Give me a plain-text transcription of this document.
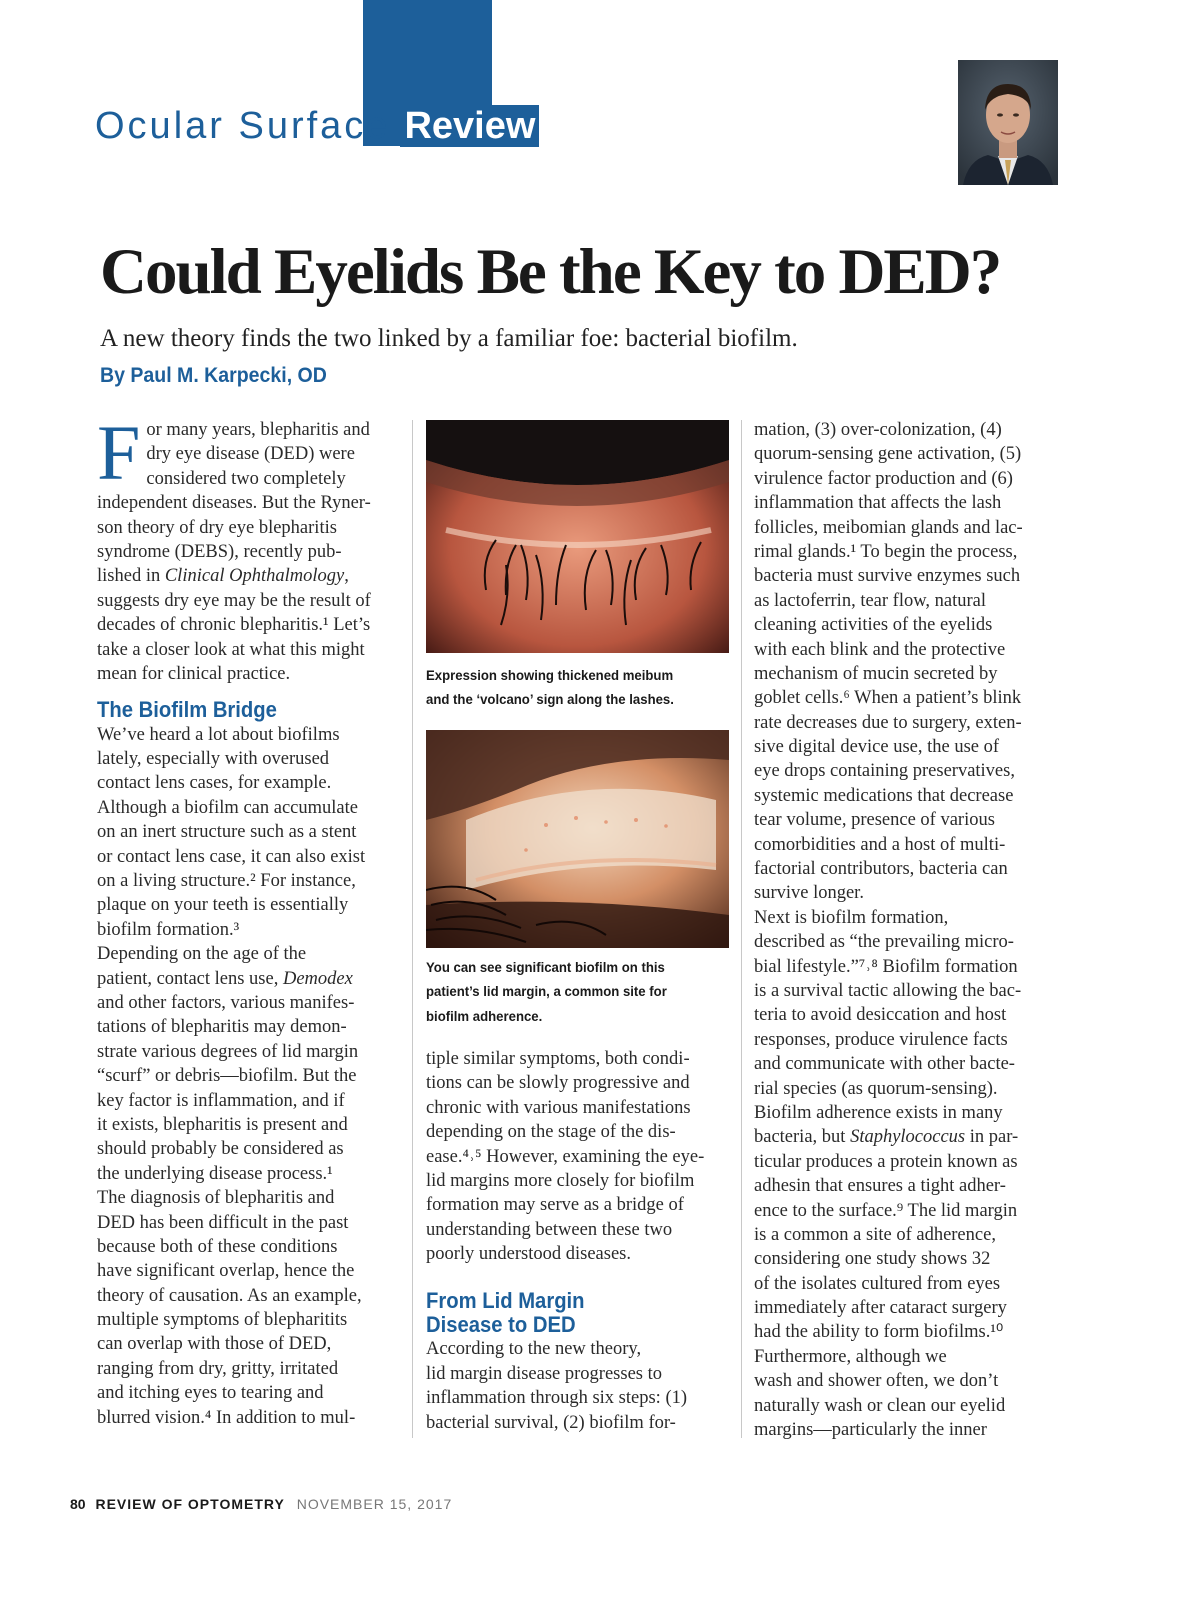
Ocular Surface Review
Could Eyelids Be the Key to DED?
A new theory finds the two linked by a familiar foe: bacterial biofilm.
By Paul M. Karpecki, OD
F or many years, blepharitis and
dry eye disease (DED) were
considered two completely
independent diseases. But the Ryner-
son theory of dry eye blepharitis
syndrome (DEBS), recently pub-
lished in Clinical Ophthalmology,
suggests dry eye may be the result of
decades of chronic blepharitis.¹ Let’s
take a closer look at what this might
mean for clinical practice.
The Biofilm Bridge
We’ve heard a lot about biofilms
lately, especially with overused
contact lens cases, for example.
Although a biofilm can accumulate
on an inert structure such as a stent
or contact lens case, it can also exist
on a living structure.² For instance,
plaque on your teeth is essentially
biofilm formation.³
Depending on the age of the
patient, contact lens use, Demodex
and other factors, various manifes-
tations of blepharitis may demon-
strate various degrees of lid margin
“scurf” or debris—biofilm. But the
key factor is inflammation, and if
it exists, blepharitis is present and
should probably be considered as
the underlying disease process.¹
The diagnosis of blepharitis and
DED has been difficult in the past
because both of these conditions
have significant overlap, hence the
theory of causation. As an example,
multiple symptoms of blepharitits
can overlap with those of DED,
ranging from dry, gritty, irritated
and itching eyes to tearing and
blurred vision.⁴ In addition to mul-
Expression showing thickened meibum
and the ‘volcano’ sign along the lashes.
You can see significant biofilm on this
patient’s lid margin, a common site for
biofilm adherence.
tiple similar symptoms, both condi-
tions can be slowly progressive and
chronic with various manifestations
depending on the stage of the dis-
ease.⁴˒⁵ However, examining the eye-
lid margins more closely for biofilm
formation may serve as a bridge of
understanding between these two
poorly understood diseases.
From Lid Margin
Disease to DED
According to the new theory,
lid margin disease progresses to
inflammation through six steps: (1)
bacterial survival, (2) biofilm for-
mation, (3) over-colonization, (4)
quorum-sensing gene activation, (5)
virulence factor production and (6)
inflammation that affects the lash
follicles, meibomian glands and lac-
rimal glands.¹ To begin the process,
bacteria must survive enzymes such
as lactoferrin, tear flow, natural
cleaning activities of the eyelids
with each blink and the protective
mechanism of mucin secreted by
goblet cells.⁶ When a patient’s blink
rate decreases due to surgery, exten-
sive digital device use, the use of
eye drops containing preservatives,
systemic medications that decrease
tear volume, presence of various
comorbidities and a host of multi-
factorial contributors, bacteria can
survive longer.
Next is biofilm formation,
described as “the prevailing micro-
bial lifestyle.”⁷˒⁸ Biofilm formation
is a survival tactic allowing the bac-
teria to avoid desiccation and host
responses, produce virulence facts
and communicate with other bacte-
rial species (as quorum-sensing).
Biofilm adherence exists in many
bacteria, but Staphylococcus in par-
ticular produces a protein known as
adhesin that ensures a tight adher-
ence to the surface.⁹ The lid margin
is a common a site of adherence,
considering one study shows 32
of the isolates cultured from eyes
immediately after cataract surgery
had the ability to form biofilms.¹⁰
Furthermore, although we
wash and shower often, we don’t
naturally wash or clean our eyelid
margins—particularly the inner
80 REVIEW OF OPTOMETRY NOVEMBER 15, 2017
